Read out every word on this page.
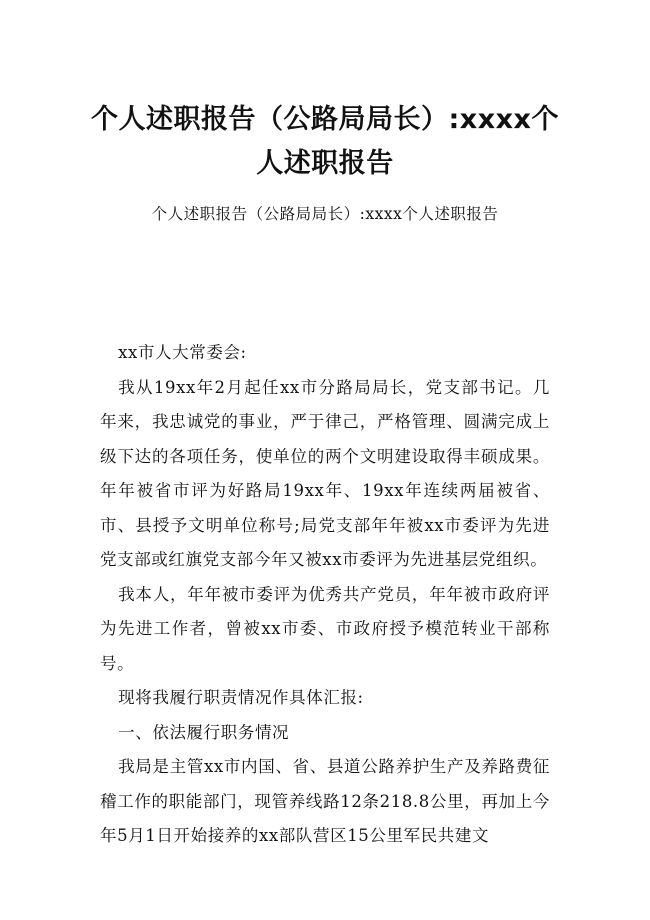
个人述职报告（公路局局长）:xxxx个人述职报告
个人述职报告（公路局局长）:xxxx个人述职报告

xx市人大常委会:

我从19xx年2月起任xx市分路局局长，党支部书记。几年来，我忠诚党的事业，严于律己，严格管理、圆满完成上级下达的各项任务，使单位的两个文明建设取得丰硕成果。年年被省市评为好路局19xx年、19xx年连续两届被省、市、县授予文明单位称号;局党支部年年被xx市委评为先进党支部或红旗党支部今年又被xx市委评为先进基层党组织。

我本人，年年被市委评为优秀共产党员，年年被市政府评为先进工作者，曾被xx市委、市政府授予模范转业干部称号。

现将我履行职责情况作具体汇报:

一、依法履行职务情况

我局是主管xx市内国、省、县道公路养护生产及养路费征稽工作的职能部门，现管养线路12条218.8公里，再加上今年5月1日开始接养的xx部队营区15公里军民共建文
